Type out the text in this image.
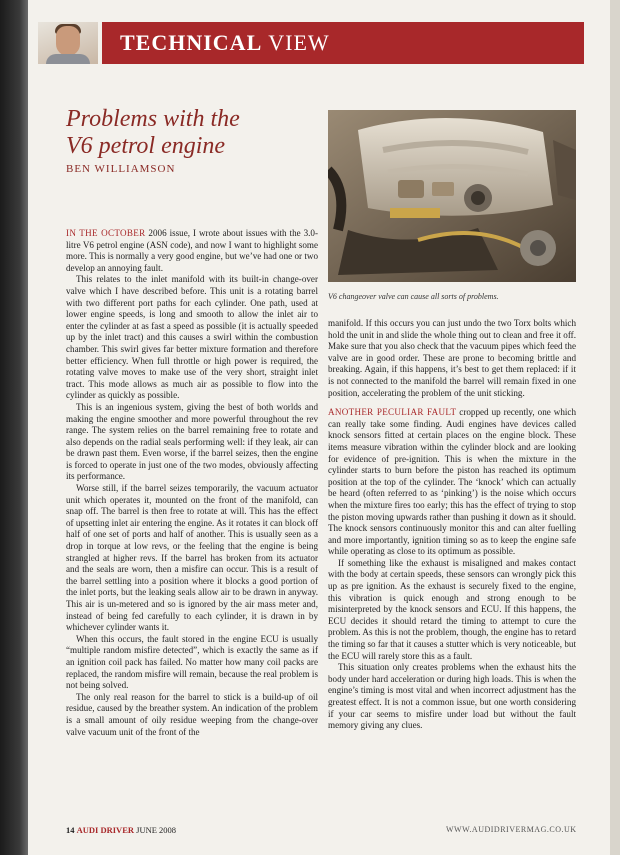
TECHNICAL VIEW
Problems with the
V6 petrol engine
BEN WILLIAMSON
V6 changeover valve can cause all sorts of problems.

IN THE OCTOBER 2006 issue, I wrote about issues with the 3.0-litre V6 petrol engine (ASN code), and now I want to highlight some more. This is normally a very good engine, but we’ve had one or two develop an annoying fault.

This relates to the inlet manifold with its built-in change-over valve which I have described before. This unit is a rotating barrel with two different port paths for each cylinder. One path, used at lower engine speeds, is long and smooth to allow the inlet air to enter the cylinder at as fast a speed as possible (it is actually speeded up by the inlet tract) and this causes a swirl within the combustion chamber. This swirl gives far better mixture formation and therefore better efficiency. When full throttle or high power is required, the rotating valve moves to make use of the very short, straight inlet tract. This mode allows as much air as possible to flow into the cylinder as quickly as possible.

This is an ingenious system, giving the best of both worlds and making the engine smoother and more powerful throughout the rev range. The system relies on the barrel remaining free to rotate and also depends on the radial seals performing well: if they leak, air can be drawn past them. Even worse, if the barrel seizes, then the engine is forced to operate in just one of the two modes, obviously affecting its performance.

Worse still, if the barrel seizes temporarily, the vacuum actuator unit which operates it, mounted on the front of the manifold, can snap off. The barrel is then free to rotate at will. This has the effect of upsetting inlet air entering the engine. As it rotates it can block off half of one set of ports and half of another. This is usually seen as a drop in torque at low revs, or the feeling that the engine is being strangled at higher revs. If the barrel has broken from its actuator and the seals are worn, then a misfire can occur. This is a result of the barrel settling into a position where it blocks a good portion of the inlet ports, but the leaking seals allow air to be drawn in anyway. This air is un-metered and so is ignored by the air mass meter and, instead of being fed carefully to each cylinder, it is drawn in by whichever cylinder wants it.

When this occurs, the fault stored in the engine ECU is usually “multiple random misfire detected”, which is exactly the same as if an ignition coil pack has failed. No matter how many coil packs are replaced, the random misfire will remain, because the real problem is not being solved.

The only real reason for the barrel to stick is a build-up of oil residue, caused by the breather system. An indication of the problem is a small amount of oily residue weeping from the change-over valve vacuum unit of the front of the

manifold. If this occurs you can just undo the two Torx bolts which hold the unit in and slide the whole thing out to clean and free it off. Make sure that you also check that the vacuum pipes which feed the valve are in good order. These are prone to becoming brittle and breaking. Again, if this happens, it’s best to get them replaced: if it is not connected to the manifold the barrel will remain fixed in one position, accelerating the problem of the unit sticking.

ANOTHER PECULIAR FAULT cropped up recently, one which can really take some finding. Audi engines have devices called knock sensors fitted at certain places on the engine block. These items measure vibration within the cylinder block and are looking for evidence of pre-ignition. This is when the mixture in the cylinder starts to burn before the piston has reached its optimum position at the top of the cylinder. The ‘knock’ which can actually be heard (often referred to as ‘pinking’) is the noise which occurs when the mixture fires too early; this has the effect of trying to stop the piston moving upwards rather than pushing it down as it should. The knock sensors continuously monitor this and can alter fuelling and more importantly, ignition timing so as to keep the engine safe while operating as close to its optimum as possible.

If something like the exhaust is misaligned and makes contact with the body at certain speeds, these sensors can wrongly pick this up as pre ignition. As the exhaust is securely fixed to the engine, this vibration is quick enough and strong enough to be misinterpreted by the knock sensors and ECU. If this happens, the ECU decides it should retard the timing to attempt to cure the problem. As this is not the problem, though, the engine has to retard the timing so far that it causes a stutter which is very noticeable, but the ECU will rarely store this as a fault.

This situation only creates problems when the exhaust hits the body under hard acceleration or during high loads. This is when the engine’s timing is most vital and when incorrect adjustment has the greatest effect. It is not a common issue, but one worth considering if your car seems to misfire under load but without the fault memory giving any clues.

14 AUDI DRIVER JUNE 2008	WWW.AUDIDRIVERMAG.CO.UK
